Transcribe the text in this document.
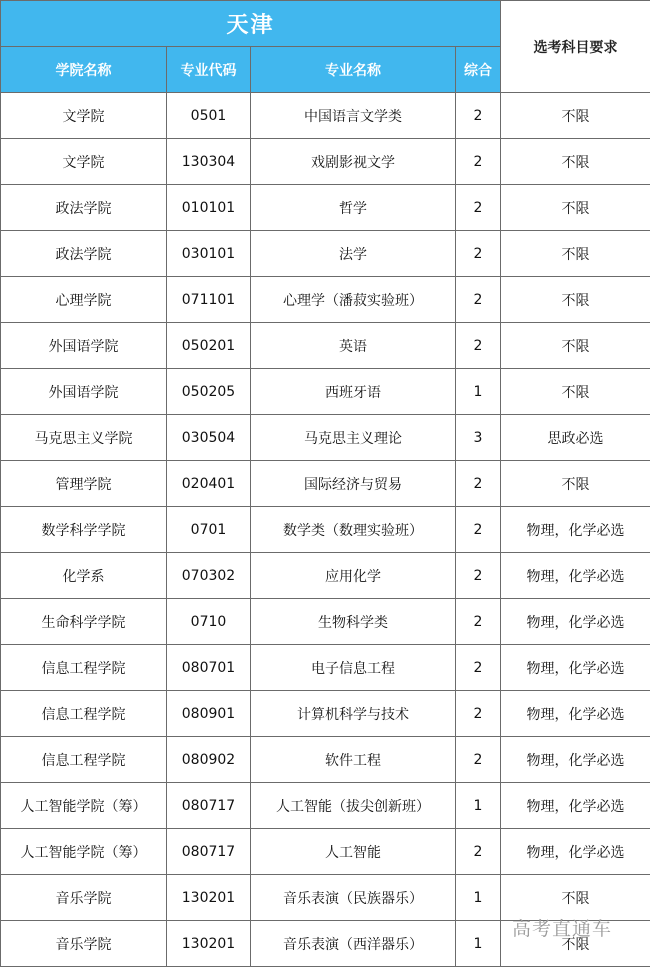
天津				选考科目要求
学院名称	专业代码	专业名称	综合	
文学院	0501	中国语言文学类	2	不限
文学院	130304	戏剧影视文学	2	不限
政法学院	010101	哲学	2	不限
政法学院	030101	法学	2	不限
心理学院	071101	心理学（潘菽实验班）	2	不限
外国语学院	050201	英语	2	不限
外国语学院	050205	西班牙语	1	不限
马克思主义学院	030504	马克思主义理论	3	思政必选
管理学院	020401	国际经济与贸易	2	不限
数学科学学院	0701	数学类（数理实验班）	2	物理，化学必选
化学系	070302	应用化学	2	物理，化学必选
生命科学学院	0710	生物科学类	2	物理，化学必选
信息工程学院	080701	电子信息工程	2	物理，化学必选
信息工程学院	080901	计算机科学与技术	2	物理，化学必选
信息工程学院	080902	软件工程	2	物理，化学必选
人工智能学院（筹）	080717	人工智能（拔尖创新班）	1	物理，化学必选
人工智能学院（筹）	080717	人工智能	2	物理，化学必选
音乐学院	130201	音乐表演（民族器乐）	1	不限
音乐学院	130201	音乐表演（西洋器乐）	1	不限
高考直通车
